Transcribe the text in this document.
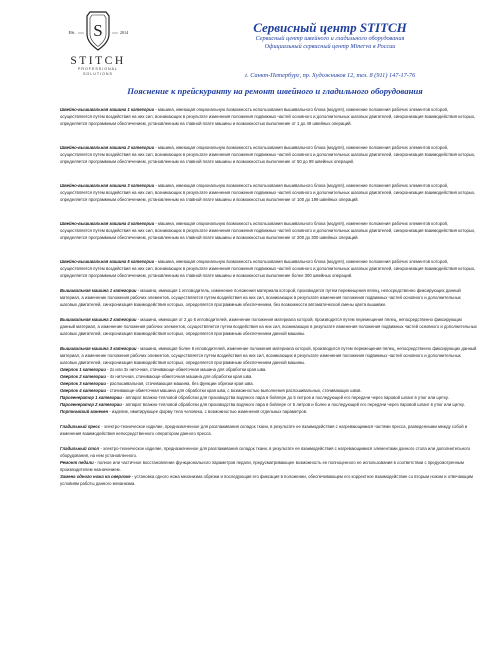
S
ESt.	2014
STITCH
PROFESSIONAL
SOLUTIONS
Сервисный центр STITCH
Сервисный центр швейного и гладильного оборудования
Официальный сервисный центр Minerva в России
г. Санкт-Петербург, пр. Художников 12, тел. 8 (911) 147-17-76
Пояснение к прейскуранту на ремонт швейного и гладильного оборудования

Швейно-вышивальная машина 1 категории - машина, имеющая опциональную возможность использования вышивального блока (модуля), изменение положения рабочих элементов которой, осуществляется путем воздействия на них сил, возникающих в результате изменения положения подвижных частей основного и дополнительных шаговых двигателей, синхронизация взаимодействия которых, определяется программным обеспечением, установленным на главной плате машины и возможностью выполнение от 1 до 49 швейных операций.

Швейно-вышивальная машина 2 категории - машина, имеющая опциональную возможность использования вышивального блока (модуля), изменение положения рабочих элементов которой, осуществляется путем воздействия на них сил, возникающих в результате изменения положения подвижных частей основного и дополнительных шаговых двигателей, синхронизация взаимодействия которых, определяется программным обеспечением, установленным на главной плате машины и возможностью выполнение от 50 до 99 швейных операций.

Швейно-вышивальная машина 3 категории - машина, имеющая опциональную возможность использования вышивального блока (модуля), изменение положения рабочих элементов которой, осуществляется путем воздействия на них сил, возникающих в результате изменения положения подвижных частей основного и дополнительных шаговых двигателей, синхронизация взаимодействия которых, определяется программным обеспечением, установленным на главной плате машины и возможностью выполнение от 100 до 199 швейных операций.

Швейно-вышивальная машина 4 категории - машина, имеющая опциональную возможность использования вышивального блока (модуля), изменение положения рабочих элементов которой, осуществляется путем воздействия на них сил, возникающих в результате изменения положения подвижных частей основного и дополнительных шаговых двигателей, синхронизация взаимодействия которых, определяется программным обеспечением, установленным на главной плате машины и возможностью выполнение от 200 до 300 швейных операций.

Швейно-вышивальная машина 5 категории - машина, имеющая опциональную возможность использования вышивального блока (модуля), изменение положения рабочих элементов которой, осуществляется путем воздействия на них сил, возникающих в результате изменения положения подвижных частей основного и дополнительных шаговых двигателей, синхронизация взаимодействия которых, определяется программным обеспечением, установленным на главной плате машины и возможностью выполнение более 300 швейных операций.

Вышивальная машина 1 категории - машина, имеющая 1 игловодитель, изменение положения материала которой, производится путем перемещения пялец, непосредственно фиксирующих данный материал, а изменение положения рабочих элементов, осуществляется путем воздействия на них сил, возникающих в результате изменения положения подвижных частей основного и дополнительных шаговых двигателей, синхронизация взаимодействия которых, определяется программным обеспечением, без возможности автоматической смены цвета вышивки.

Вышивальная машина 2 категории - машина, имеющая от 2 до 6 игловодителей, изменение положения материала которой, производится путем перемещения пялец, непосредственно фиксирующих данный материал, а изменение положения рабочих элементов, осуществляется путем воздействия на них сил, возникающих в результате изменения положения подвижных частей основного и дополнительных шаговых двигателей, синхронизация взаимодействия которых, определяется программным обеспечением данной машины.

Вышивальная машина 3 категории - машина, имеющая более 6 игловодителей, изменение положения материала которой, производится путем перемещения пялец, непосредственно фиксирующих данный материал, а изменение положения рабочих элементов, осуществляется путем воздействия на них сил, возникающих в результате изменения положения подвижных частей основного и дополнительных шаговых двигателей, синхронизация взаимодействия которых, определяется программным обеспечением данной машины.

Оверлок 1 категории - 2х или 3х ниточная, стачивающе-обметочная машина для обработки края шва.

Оверлок 2 категории - 4х ниточная, стачивающе-обметочная машина для обработки края шва.

Оверлок 3 категории - распошивальная, стачивающая машина, без функции обрезки края шва.

Оверлок 4 категории - стачивающе-обметочная машина для обработки края шва, с возможностью выполнения распошивальных, стачивающих швов.

Парогенератор 1 категории - аппарат влажно-тепловой обработки для производства водяного пара в бойлере до 5 литров и последующей его передачи через паровой шланг в утюг или щетку.

Парогенератор 2 категории - аппарат влажно-тепловой обработки для производства водяного пара в бойлере от 5 литров и более и последующей его передачи через паровой шланг в утюг или щетку.

Портновский манекен - изделие, имитирующее форму тела человека, с возможностью изменения отдельных параметров.

Гладильный пресс - электро-техническое изделие, предназначенное для разглаживания складок ткани, в результате ее взаимодействия с нагревающимися частями пресса, разведенными между собой и изменения взаимодействия непосредственного оператором данного пресса.

Гладильный стол - электро-техническое изделие, предназначенное для разглаживания складок ткани, в результате ее взаимодействия с нагревающимися элементами данного стола или дополнительного оборудования, на нем установленного.

Ремонт педали - полное или частичное восстановление функционального параметров педали, предусматривающее возможность ее полноценного ее использования в соответствии с предусмотренным производителем назначением.

Замена одного ножа на оверлоке - установка одного ножа механизма обрезки и последующая его фиксация в положении, обеспечивающем его корректное взаимодействие со вторым ножом и отвечающим условиям работы данного механизма.
